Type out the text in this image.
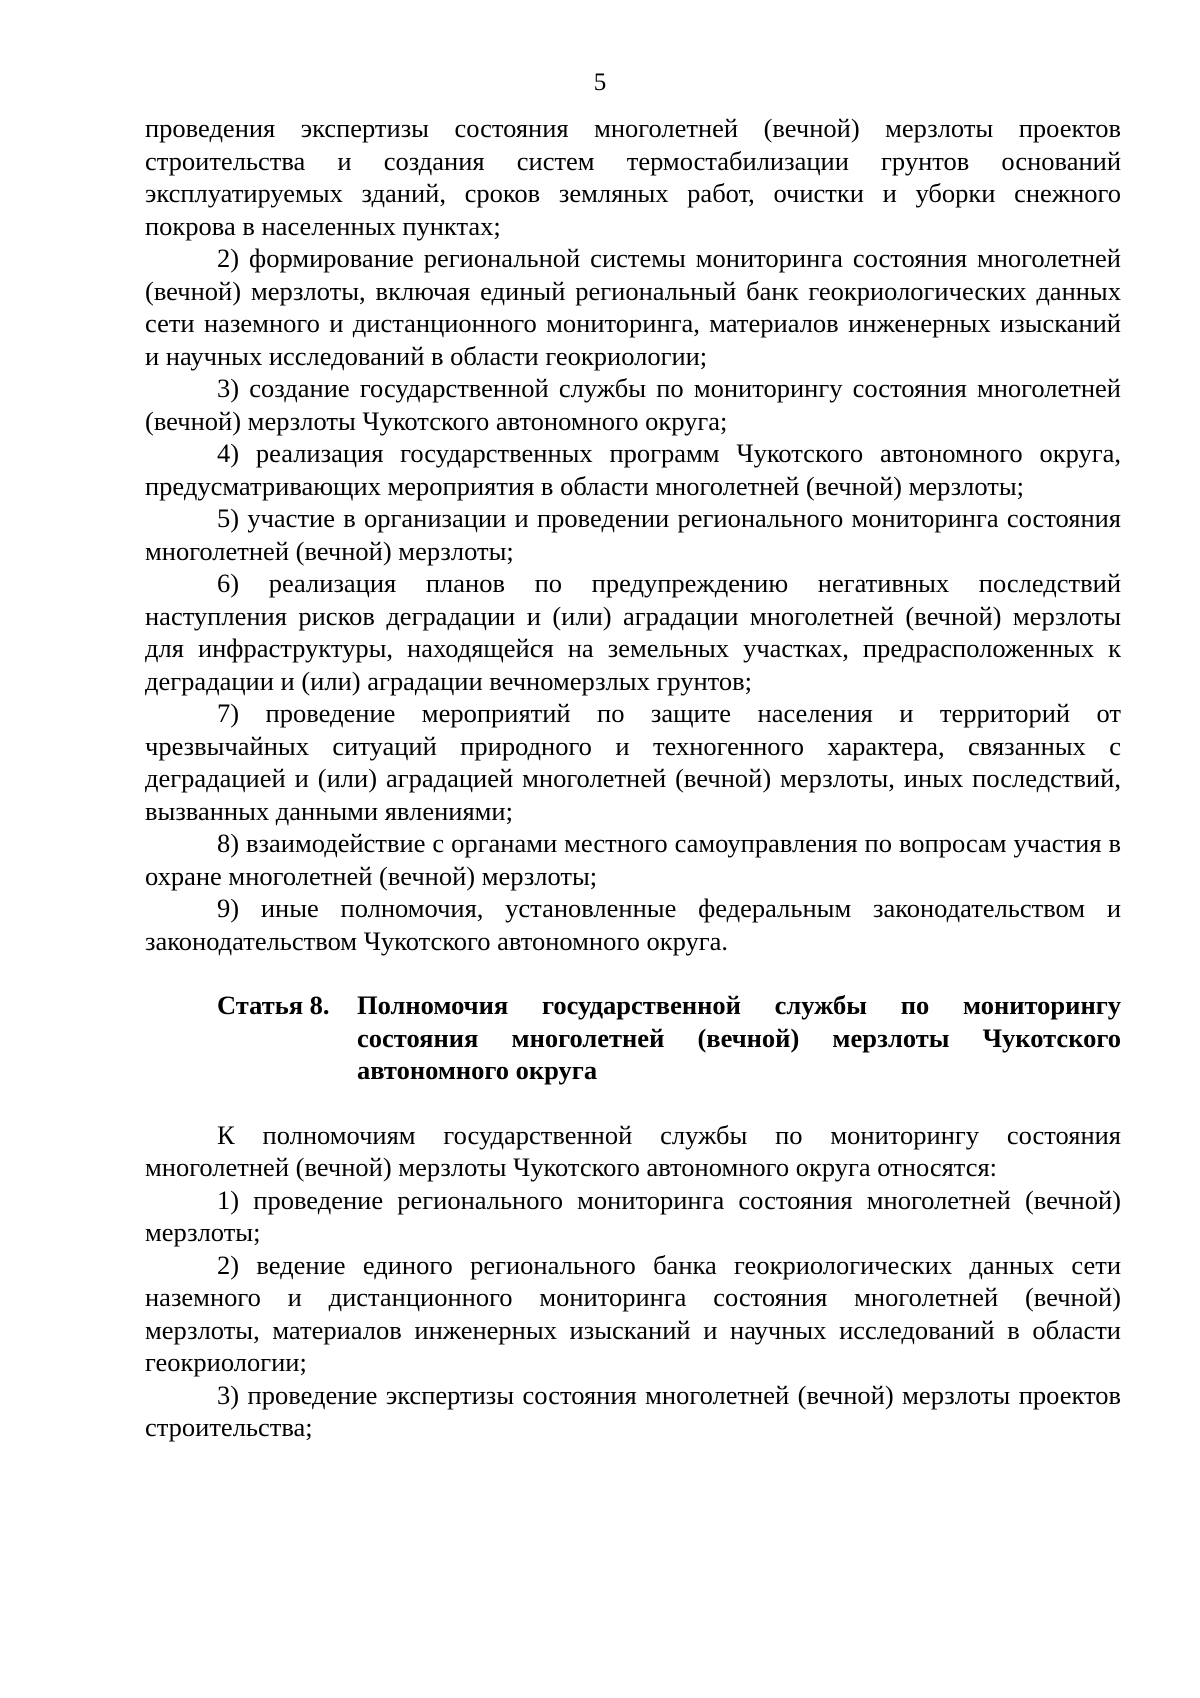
5

проведения экспертизы состояния многолетней (вечной) мерзлоты проектов строительства и создания систем термостабилизации грунтов оснований эксплуатируемых зданий, сроков земляных работ, очистки и уборки снежного покрова в населенных пунктах;

2) формирование региональной системы мониторинга состояния многолетней (вечной) мерзлоты, включая единый региональный банк геокриологических данных сети наземного и дистанционного мониторинга, материалов инженерных изысканий и научных исследований в области геокриологии;

3) создание государственной службы по мониторингу состояния многолетней (вечной) мерзлоты Чукотского автономного округа;

4) реализация государственных программ Чукотского автономного округа, предусматривающих мероприятия в области многолетней (вечной) мерзлоты;

5) участие в организации и проведении регионального мониторинга состояния многолетней (вечной) мерзлоты;

6) реализация планов по предупреждению негативных последствий наступления рисков деградации и (или) аградации многолетней (вечной) мерзлоты для инфраструктуры, находящейся на земельных участках, предрасположенных к деградации и (или) аградации вечномерзлых грунтов;

7) проведение мероприятий по защите населения и территорий от чрезвычайных ситуаций природного и техногенного характера, связанных с деградацией и (или) аградацией многолетней (вечной) мерзлоты, иных последствий, вызванных данными явлениями;

8) взаимодействие с органами местного самоуправления по вопросам участия в охране многолетней (вечной) мерзлоты;

9) иные полномочия, установленные федеральным законодательством и законодательством Чукотского автономного округа.

Статья 8.	Полномочия государственной службы по мониторингу состояния многолетней (вечной) мерзлоты Чукотского автономного округа

К полномочиям государственной службы по мониторингу состояния многолетней (вечной) мерзлоты Чукотского автономного округа относятся:

1) проведение регионального мониторинга состояния многолетней (вечной) мерзлоты;

2) ведение единого регионального банка геокриологических данных сети наземного и дистанционного мониторинга состояния многолетней (вечной) мерзлоты, материалов инженерных изысканий и научных исследований в области геокриологии;

3) проведение экспертизы состояния многолетней (вечной) мерзлоты проектов строительства;
